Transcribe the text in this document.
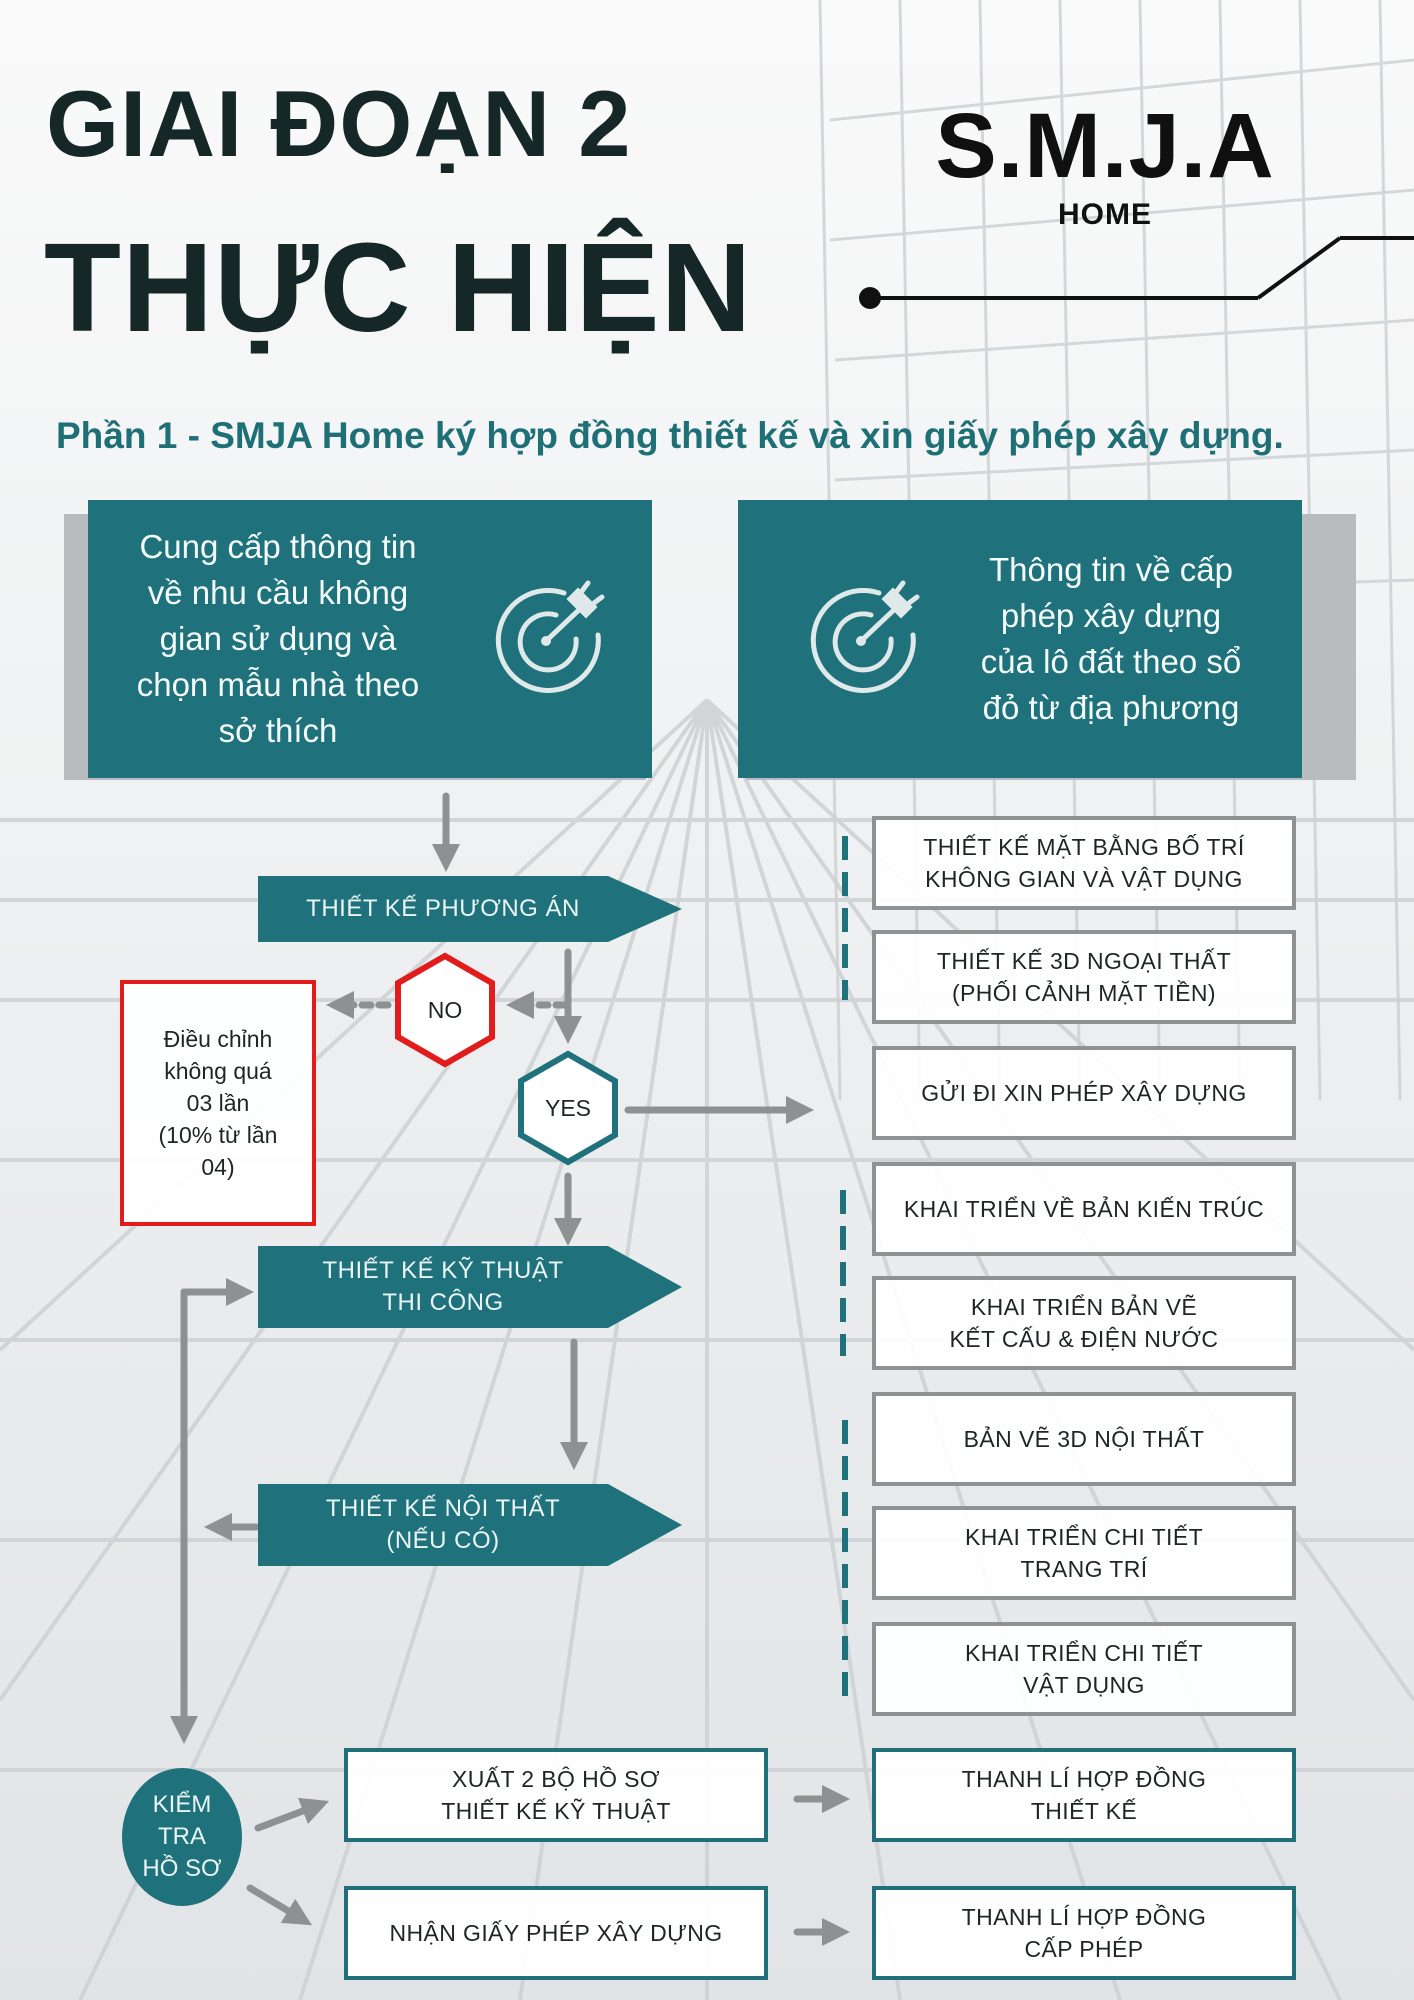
GIAI ĐOẠN 2
THỰC HIỆN
S.M.J.A
HOME
Phần 1 - SMJA Home ký hợp đồng thiết kế và xin giấy phép xây dựng.
Cung cấp thông tin
về nhu cầu không
gian sử dụng và
chọn mẫu nhà theo
sở thích
Thông tin về cấp
phép xây dựng
của lô đất theo sổ
đỏ từ địa phương
THIẾT KẾ PHƯƠNG ÁN
THIẾT KẾ KỸ THUẬT
THI CÔNG
THIẾT KẾ NỘI THẤT
(NẾU CÓ)
NO
YES
Điều chỉnh
không quá
03 lần
(10% từ lần
04)
THIẾT KẾ MẶT BẰNG BỐ TRÍ
KHÔNG GIAN VÀ VẬT DỤNG
THIẾT KẾ 3D NGOẠI THẤT
(PHỐI CẢNH MẶT TIỀN)
GỬI ĐI XIN PHÉP XÂY DỰNG
KHAI TRIỂN VỀ BẢN KIẾN TRÚC
KHAI TRIỂN BẢN VẼ
KẾT CẤU & ĐIỆN NƯỚC
BẢN VẼ 3D NỘI THẤT
KHAI TRIỂN CHI TIẾT
TRANG TRÍ
KHAI TRIỂN CHI TIẾT
VẬT DỤNG
KIỂM
TRA
HỒ SƠ
XUẤT 2 BỘ HỒ SƠ
THIẾT KẾ KỸ THUẬT
NHẬN GIẤY PHÉP XÂY DỰNG
THANH LÍ HỢP ĐỒNG
THIẾT KẾ
THANH LÍ HỢP ĐỒNG
CẤP PHÉP
